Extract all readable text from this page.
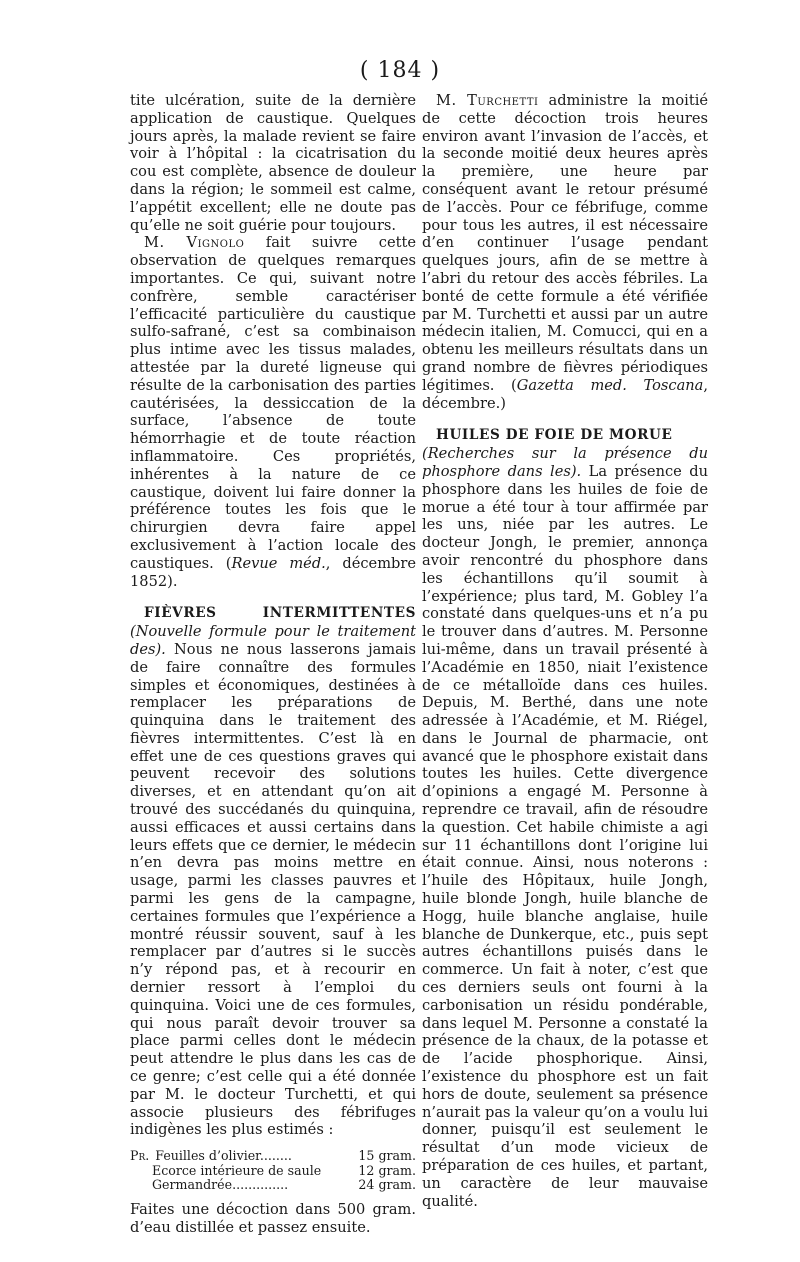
( 184 )

tite ulcération, suite de la dernière application de caustique. Quelques jours après, la malade revient se faire voir à l’hôpital : la cicatrisation du cou est complète, absence de douleur dans la région; le sommeil est calme, l’appétit excellent; elle ne doute pas qu’elle ne soit guérie pour toujours.

M. Vignolo fait suivre cette observation de quelques remarques importantes. Ce qui, suivant notre confrère, semble caractériser l’efficacité particulière du caustique sulfo-safrané, c’est sa combinaison plus intime avec les tissus malades, attestée par la dureté ligneuse qui résulte de la carbonisation des parties cautérisées, la dessiccation de la surface, l’absence de toute hémorrhagie et de toute réaction inflammatoire. Ces propriétés, inhérentes à la nature de ce caustique, doivent lui faire donner la préférence toutes les fois que le chirurgien devra faire appel exclusivement à l’action locale des caustiques. (Revue méd., décembre 1852).

FIÈVRES INTERMITTENTES (Nouvelle formule pour le traitement des). Nous ne nous lasserons jamais de faire connaître des formules simples et économiques, destinées à remplacer les préparations de quinquina dans le traitement des fièvres intermittentes. C’est là en effet une de ces questions graves qui peuvent recevoir des solutions diverses, et en attendant qu’on ait trouvé des succédanés du quinquina, aussi efficaces et aussi certains dans leurs effets que ce dernier, le médecin n’en devra pas moins mettre en usage, parmi les classes pauvres et parmi les gens de la campagne, certaines formules que l’expérience a montré réussir souvent, sauf à les remplacer par d’autres si le succès n’y répond pas, et à recourir en dernier ressort à l’emploi du quinquina. Voici une de ces formules, qui nous paraît devoir trouver sa place parmi celles dont le médecin peut attendre le plus dans les cas de ce genre; c’est celle qui a été donnée par M. le docteur Turchetti, et qui associe plusieurs des fébrifuges indigènes les plus estimés :

Pr. Feuilles d’olivier........	15 gram.
Ecorce intérieure de saule	12 gram.
Germandrée..............	24 gram.

Faites une décoction dans 500 gram. d’eau distillée et passez ensuite.

M. Turchetti administre la moitié de cette décoction trois heures environ avant l’invasion de l’accès, et la seconde moitié deux heures après la première, une heure par conséquent avant le retour présumé de l’accès. Pour ce fébrifuge, comme pour tous les autres, il est nécessaire d’en continuer l’usage pendant quelques jours, afin de se mettre à l’abri du retour des accès fébriles. La bonté de cette formule a été vérifiée par M. Turchetti et aussi par un autre médecin italien, M. Comucci, qui en a obtenu les meilleurs résultats dans un grand nombre de fièvres périodiques légitimes. (Gazetta med. Toscana, décembre.)

HUILES DE FOIE DE MORUE
(Recherches sur la présence du phosphore dans les). La présence du phosphore dans les huiles de foie de morue a été tour à tour affirmée par les uns, niée par les autres. Le docteur Jongh, le premier, annonça avoir rencontré du phosphore dans les échantillons qu’il soumit à l’expérience; plus tard, M. Gobley l’a constaté dans quelques-uns et n’a pu le trouver dans d’autres. M. Personne lui-même, dans un travail présenté à l’Académie en 1850, niait l’existence de ce métalloïde dans ces huiles. Depuis, M. Berthé, dans une note adressée à l’Académie, et M. Riégel, dans le Journal de pharmacie, ont avancé que le phosphore existait dans toutes les huiles. Cette divergence d’opinions a engagé M. Personne à reprendre ce travail, afin de résoudre la question. Cet habile chimiste a agi sur 11 échantillons dont l’origine lui était connue. Ainsi, nous noterons : l’huile des Hôpitaux, huile Jongh, huile blonde Jongh, huile blanche de Hogg, huile blanche anglaise, huile blanche de Dunkerque, etc., puis sept autres échantillons puisés dans le commerce. Un fait à noter, c’est que ces derniers seuls ont fourni à la carbonisation un résidu pondérable, dans lequel M. Personne a constaté la présence de la chaux, de la potasse et de l’acide phosphorique. Ainsi, l’existence du phosphore est un fait hors de doute, seulement sa présence n’aurait pas la valeur qu’on a voulu lui donner, puisqu’il est seulement le résultat d’un mode vicieux de préparation de ces huiles, et partant, un caractère de leur mauvaise qualité.
